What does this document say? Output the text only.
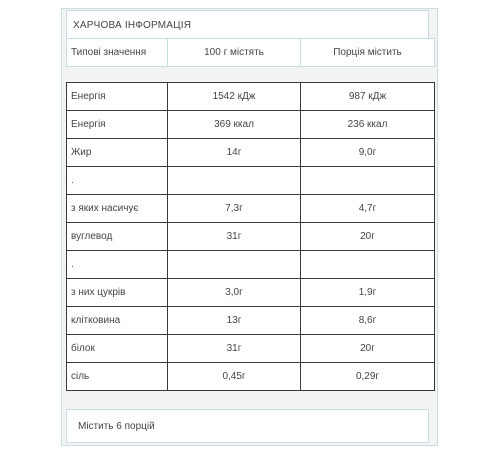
ХАРЧОВА ІНФОРМАЦІЯ
Типові значення	100 г містять	Порція містить
Енергія	1542 кДж	987 кДж
Енергія	369 ккал	236 ккал
Жир	14г	9,0г
.		
з яких насичує	7,3г	4,7г
вуглевод	31г	20г
.		
з них цукрів	3,0г	1,9г
клітковина	13г	8,6г
білок	31г	20г
сіль	0,45г	0,29г
Містить 6 порцій
